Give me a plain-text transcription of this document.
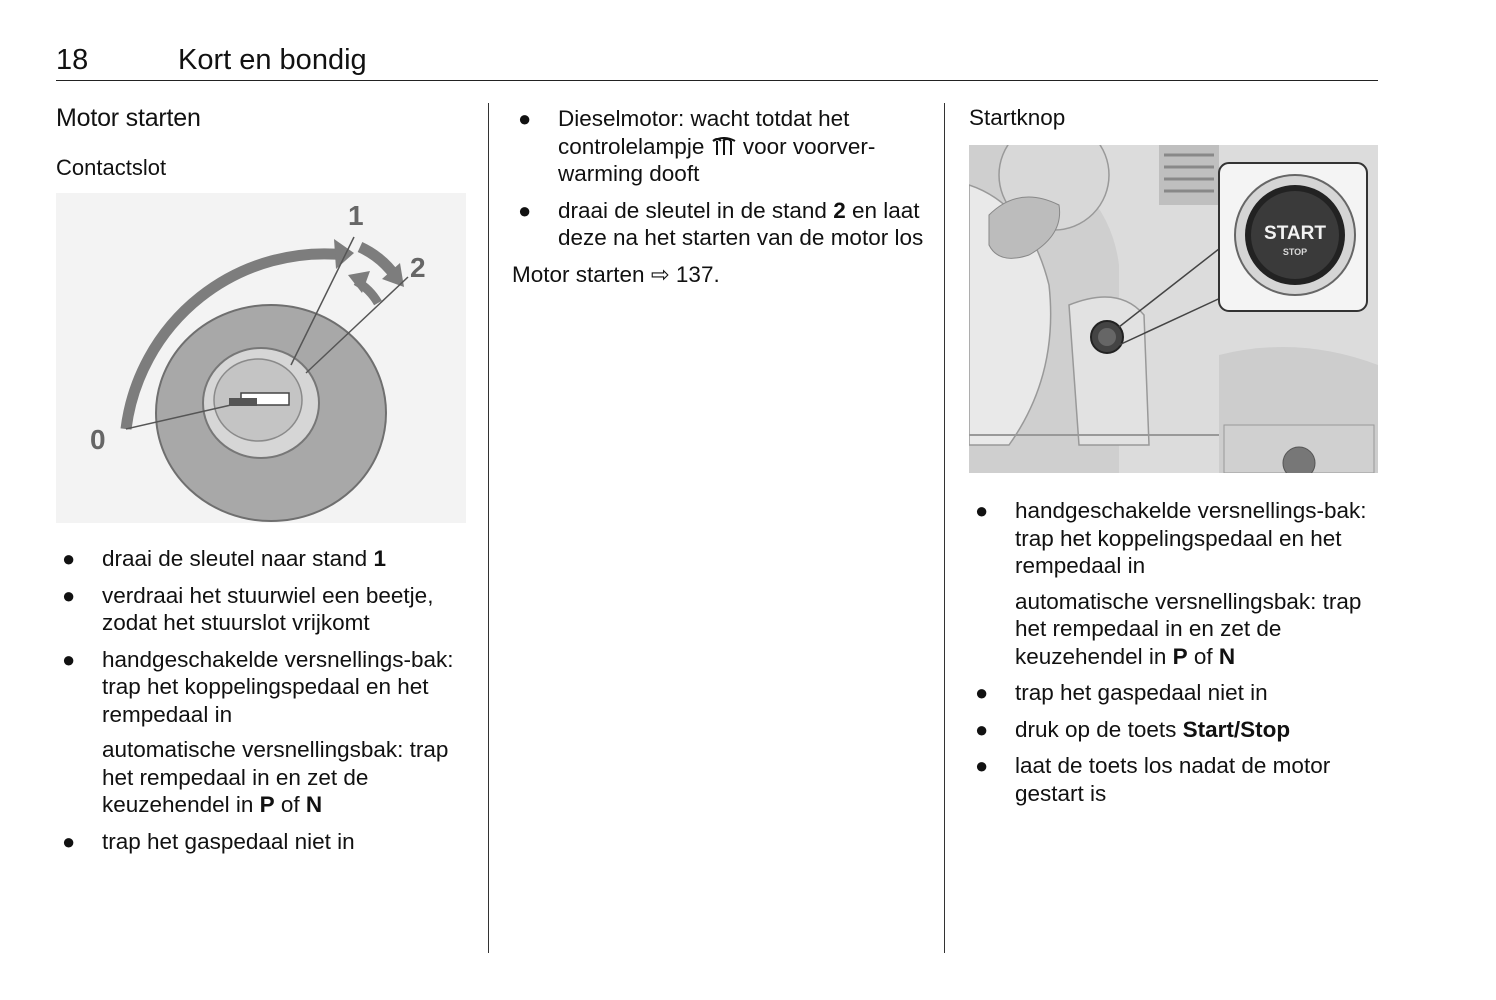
18	Kort en bondig
Motor starten
Contactslot
0
1
2
● draai de sleutel naar stand 1
● verdraai het stuurwiel een beetje, zodat het stuurslot vrijkomt
● handgeschakelde versnellings-bak: trap het koppelingspedaal en het rempedaal in
automatische versnellingsbak: trap het rempedaal in en zet de keuzehendel in P of N
● trap het gaspedaal niet in
● Dieselmotor: wacht totdat het controlelampje  voor voorver-warming dooft
● draai de sleutel in de stand 2 en laat deze na het starten van de motor los
Motor starten ⇨ 137.
Startknop
START
STOP
● handgeschakelde versnellings-bak: trap het koppelingspedaal en het rempedaal in
automatische versnellingsbak: trap het rempedaal in en zet de keuzehendel in P of N
● trap het gaspedaal niet in
● druk op de toets Start/Stop
● laat de toets los nadat de motor gestart is
